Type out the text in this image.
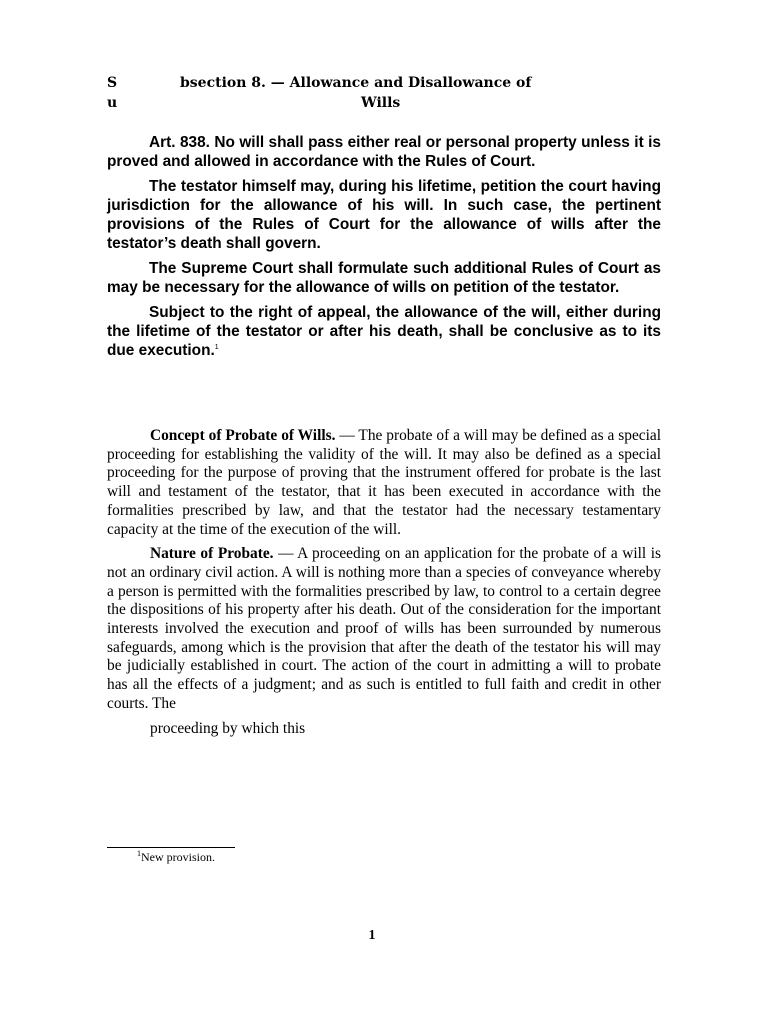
S
u
bsection 8. — Allowance and Disallowance of
Wills

Art. 838. No will shall pass either real or personal property unless it is proved and allowed in accordance with the Rules of Court.

The testator himself may, during his lifetime, petition the court having jurisdiction for the allowance of his will. In such case, the pertinent provisions of the Rules of Court for the allowance of wills after the testator’s death shall govern.

The Supreme Court shall formulate such additional Rules of Court as may be necessary for the allowance of wills on petition of the testator.

Subject to the right of appeal, the allowance of the will, either during the lifetime of the testator or after his death, shall be conclusive as to its due execution.$^1$

Concept of Probate of Wills. — The probate of a will may be defined as a special proceeding for establishing the validity of the will. It may also be defined as a special proceeding for the purpose of proving that the instrument offered for probate is the last will and testament of the testator, that it has been executed in accordance with the formalities prescribed by law, and that the testator had the necessary testamentary capacity at the time of the execution of the will.

Nature of Probate. — A proceeding on an application for the probate of a will is not an ordinary civil action. A will is nothing more than a species of conveyance whereby a person is permitted with the formalities prescribed by law, to control to a certain degree the dispositions of his property after his death. Out of the consideration for the important interests involved the execution and proof of wills has been surrounded by numerous safeguards, among which is the provision that after the death of the testator his will may be judicially established in court. The action of the court in admitting a will to probate has all the effects of a judgment; and as such is entitled to full faith and credit in other courts. The

proceeding by which this

$^1$New provision.
1
